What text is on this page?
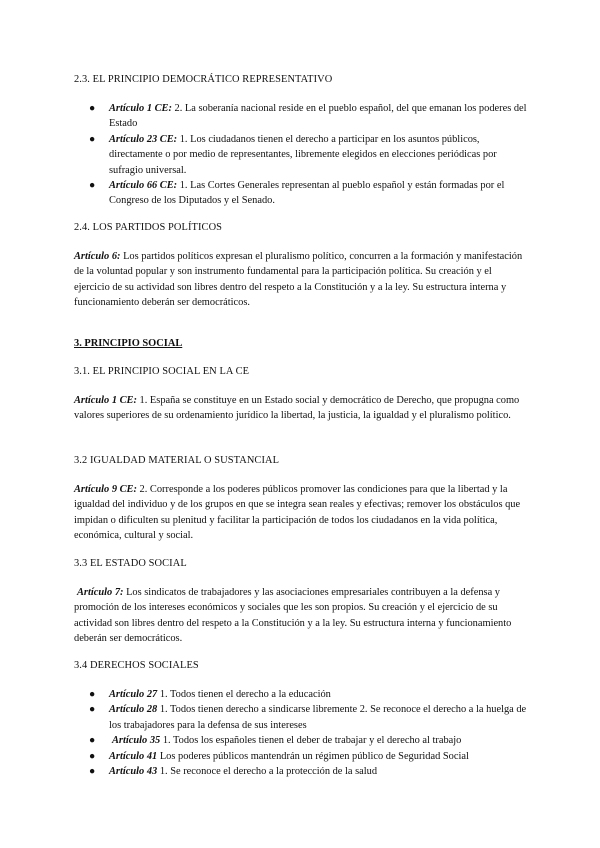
2.3. EL PRINCIPIO DEMOCRÁTICO REPRESENTATIVO
● Artículo 1 CE: 2. La soberanía nacional reside en el pueblo español, del que emanan los poderes del Estado
● Artículo 23 CE: 1. Los ciudadanos tienen el derecho a participar en los asuntos públicos, directamente o por medio de representantes, libremente elegidos en elecciones periódicas por sufragio universal.
● Artículo 66 CE: 1. Las Cortes Generales representan al pueblo español y están formadas por el Congreso de los Diputados y el Senado.
2.4. LOS PARTIDOS POLÍTICOS
Artículo 6: Los partidos políticos expresan el pluralismo político, concurren a la formación y manifestación de la voluntad popular y son instrumento fundamental para la participación política. Su creación y el ejercicio de su actividad son libres dentro del respeto a la Constitución y a la ley. Su estructura interna y funcionamiento deberán ser democráticos.
3. PRINCIPIO SOCIAL
3.1. EL PRINCIPIO SOCIAL EN LA CE
Artículo 1 CE: 1. España se constituye en un Estado social y democrático de Derecho, que propugna como valores superiores de su ordenamiento jurídico la libertad, la justicia, la igualdad y el pluralismo político.
3.2 IGUALDAD MATERIAL O SUSTANCIAL
Artículo 9 CE: 2. Corresponde a los poderes públicos promover las condiciones para que la libertad y la igualdad del individuo y de los grupos en que se integra sean reales y efectivas; remover los obstáculos que impidan o dificulten su plenitud y facilitar la participación de todos los ciudadanos en la vida política, económica, cultural y social.
3.3 EL ESTADO SOCIAL
Artículo 7: Los sindicatos de trabajadores y las asociaciones empresariales contribuyen a la defensa y promoción de los intereses económicos y sociales que les son propios. Su creación y el ejercicio de su actividad son libres dentro del respeto a la Constitución y a la ley. Su estructura interna y funcionamiento deberán ser democráticos.
3.4 DERECHOS SOCIALES
● Artículo 27 1. Todos tienen el derecho a la educación
● Artículo 28 1. Todos tienen derecho a sindicarse libremente 2. Se reconoce el derecho a la huelga de los trabajadores para la defensa de sus intereses
● Artículo 35 1. Todos los españoles tienen el deber de trabajar y el derecho al trabajo
● Artículo 41 Los poderes públicos mantendrán un régimen público de Seguridad Social
● Artículo 43 1. Se reconoce el derecho a la protección de la salud
